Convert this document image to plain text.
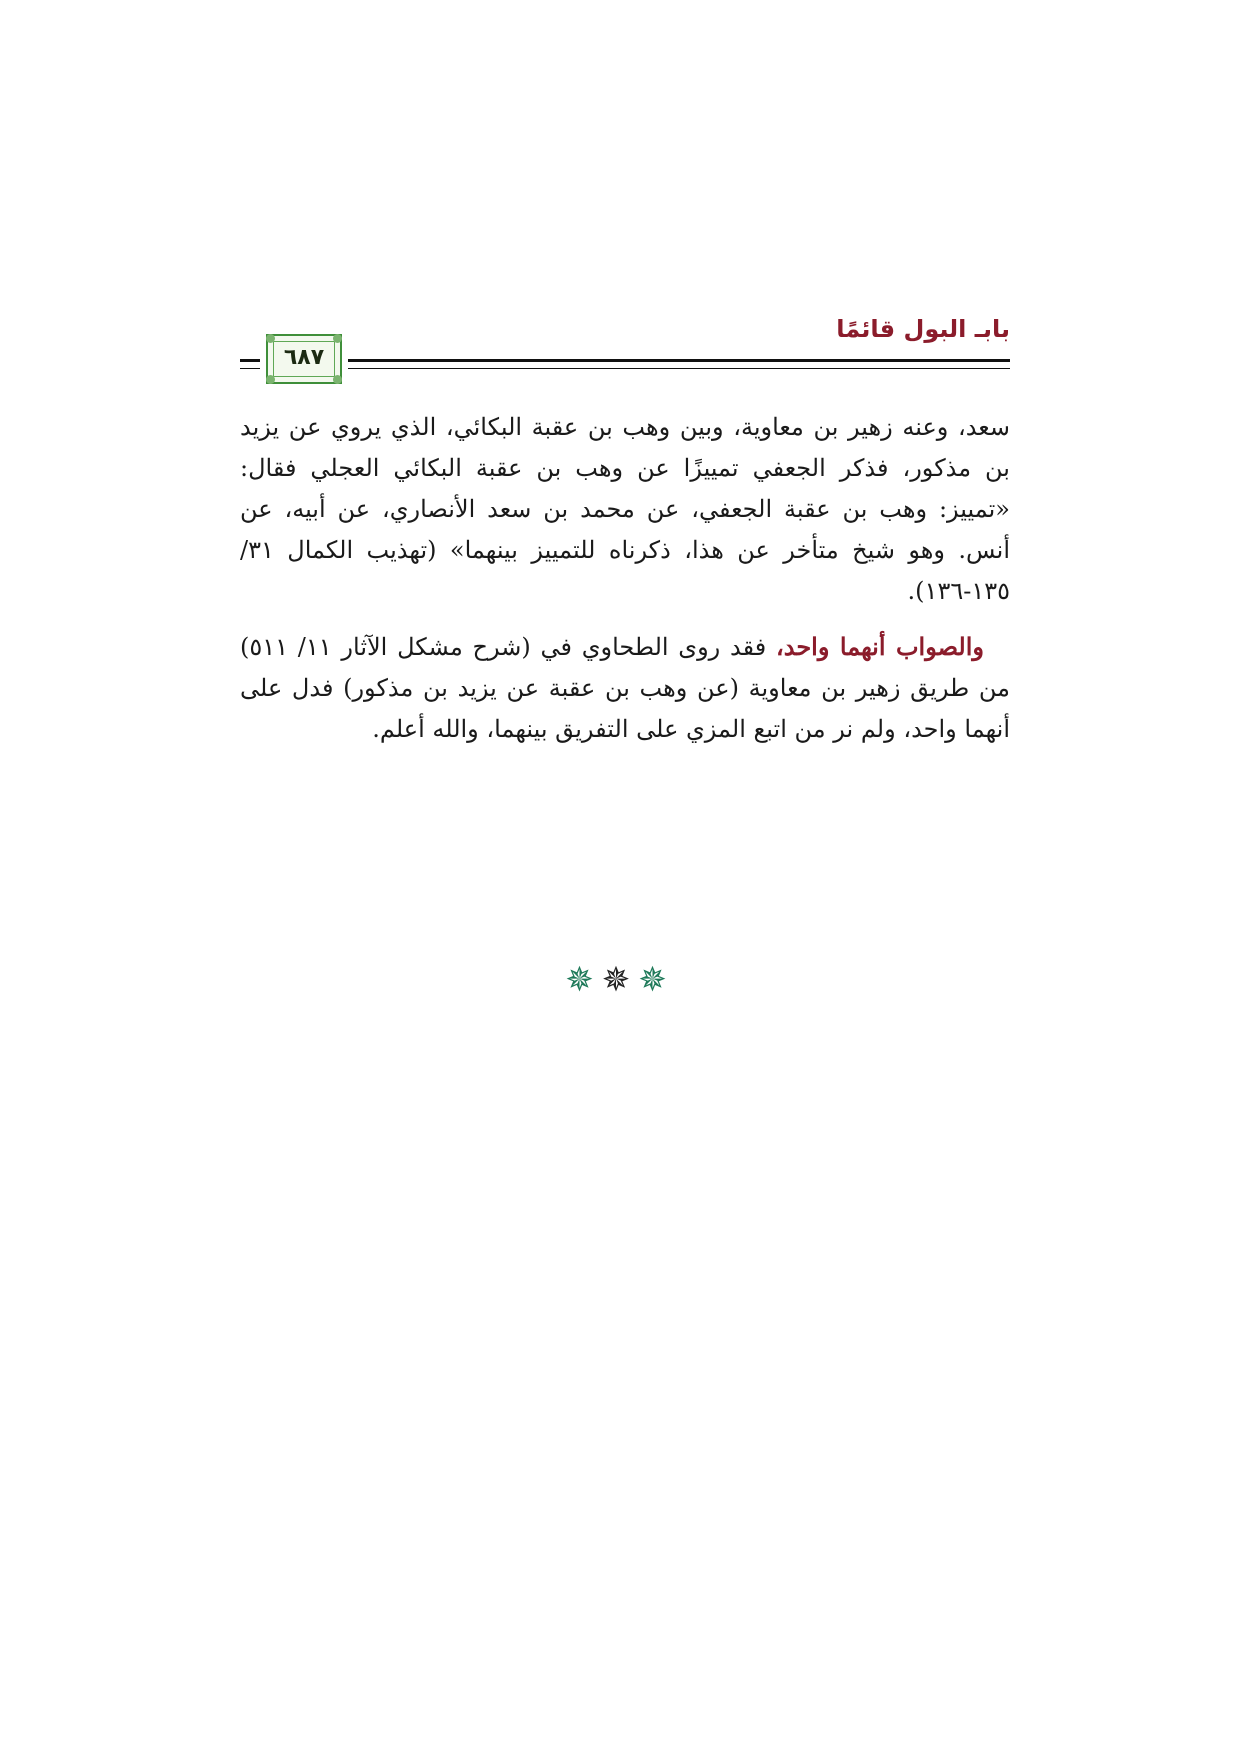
بابـ البول قائمًا
٦٨٧

سعد، وعنه زهير بن معاوية، وبين وهب بن عقبة البكائي، الذي يروي عن يزيد بن مذكور، فذكر الجعفي تمييزًا عن وهب بن عقبة البكائي العجلي فقال: «تمييز: وهب بن عقبة الجعفي، عن محمد بن سعد الأنصاري، عن أبيه، عن أنس. وهو شيخ متأخر عن هذا، ذكرناه للتمييز بينهما» (تهذيب الكمال ٣١/ ١٣٥-١٣٦).

والصواب أنهما واحد، فقد روى الطحاوي في (شرح مشكل الآثار ١١/ ٥١١) من طريق زهير بن معاوية (عن وهب بن عقبة عن يزيد بن مذكور) فدل على أنهما واحد، ولم نر من اتبع المزي على التفريق بينهما، والله أعلم.

✵✵✵
